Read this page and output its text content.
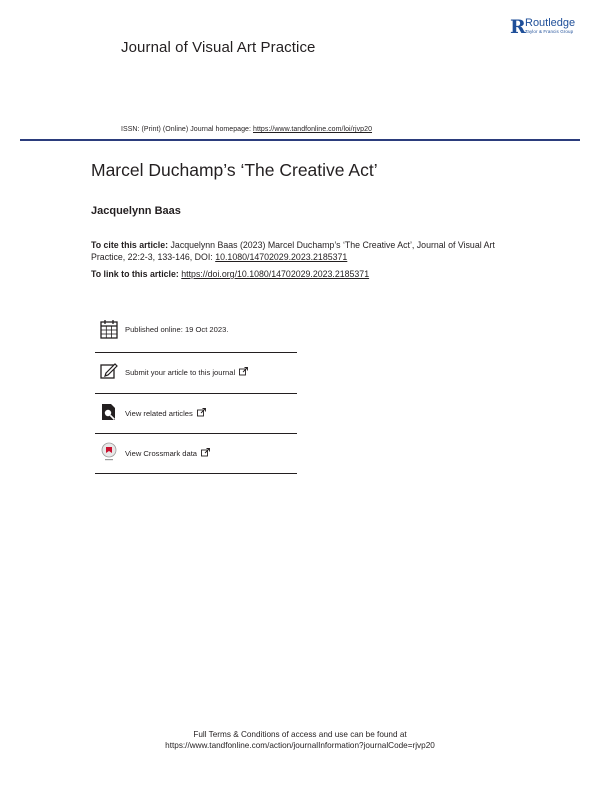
Journal of Visual Art Practice
R Routledge
Taylor & Francis Group
ISSN: (Print) (Online) Journal homepage: https://www.tandfonline.com/loi/rjvp20
Marcel Duchamp’s ‘The Creative Act’
Jacquelynn Baas
To cite this article: Jacquelynn Baas (2023) Marcel Duchamp’s ‘The Creative Act’, Journal of Visual Art Practice, 22:2-3, 133-146, DOI: 10.1080/14702029.2023.2185371
To link to this article: https://doi.org/10.1080/14702029.2023.2185371
Published online: 19 Oct 2023.
Submit your article to this journal
View related articles
View Crossmark data
Full Terms & Conditions of access and use can be found at
https://www.tandfonline.com/action/journalInformation?journalCode=rjvp20
